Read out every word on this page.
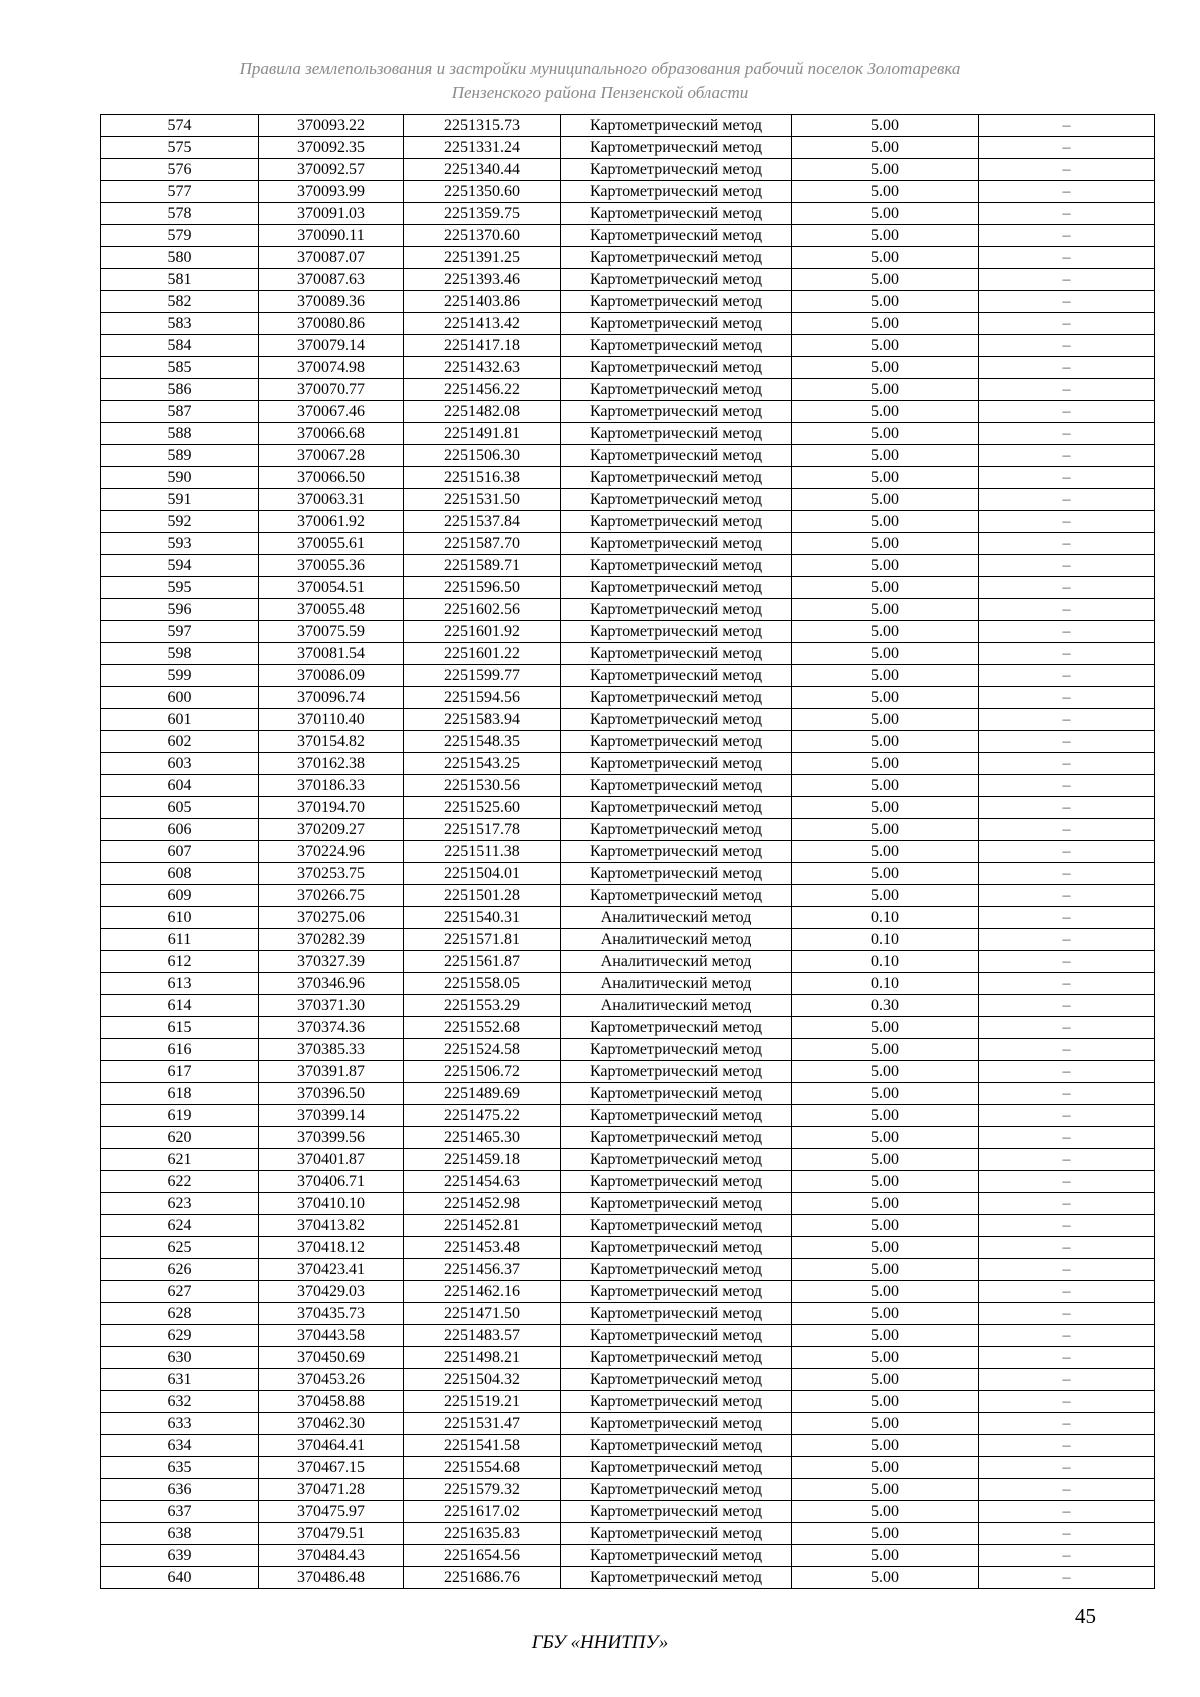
Правила землепользования и застройки муниципального образования рабочий поселок Золотаревка
Пензенского района Пензенской области
574	370093.22	2251315.73	Картометрический метод	5.00	–
575	370092.35	2251331.24	Картометрический метод	5.00	–
576	370092.57	2251340.44	Картометрический метод	5.00	–
577	370093.99	2251350.60	Картометрический метод	5.00	–
578	370091.03	2251359.75	Картометрический метод	5.00	–
579	370090.11	2251370.60	Картометрический метод	5.00	–
580	370087.07	2251391.25	Картометрический метод	5.00	–
581	370087.63	2251393.46	Картометрический метод	5.00	–
582	370089.36	2251403.86	Картометрический метод	5.00	–
583	370080.86	2251413.42	Картометрический метод	5.00	–
584	370079.14	2251417.18	Картометрический метод	5.00	–
585	370074.98	2251432.63	Картометрический метод	5.00	–
586	370070.77	2251456.22	Картометрический метод	5.00	–
587	370067.46	2251482.08	Картометрический метод	5.00	–
588	370066.68	2251491.81	Картометрический метод	5.00	–
589	370067.28	2251506.30	Картометрический метод	5.00	–
590	370066.50	2251516.38	Картометрический метод	5.00	–
591	370063.31	2251531.50	Картометрический метод	5.00	–
592	370061.92	2251537.84	Картометрический метод	5.00	–
593	370055.61	2251587.70	Картометрический метод	5.00	–
594	370055.36	2251589.71	Картометрический метод	5.00	–
595	370054.51	2251596.50	Картометрический метод	5.00	–
596	370055.48	2251602.56	Картометрический метод	5.00	–
597	370075.59	2251601.92	Картометрический метод	5.00	–
598	370081.54	2251601.22	Картометрический метод	5.00	–
599	370086.09	2251599.77	Картометрический метод	5.00	–
600	370096.74	2251594.56	Картометрический метод	5.00	–
601	370110.40	2251583.94	Картометрический метод	5.00	–
602	370154.82	2251548.35	Картометрический метод	5.00	–
603	370162.38	2251543.25	Картометрический метод	5.00	–
604	370186.33	2251530.56	Картометрический метод	5.00	–
605	370194.70	2251525.60	Картометрический метод	5.00	–
606	370209.27	2251517.78	Картометрический метод	5.00	–
607	370224.96	2251511.38	Картометрический метод	5.00	–
608	370253.75	2251504.01	Картометрический метод	5.00	–
609	370266.75	2251501.28	Картометрический метод	5.00	–
610	370275.06	2251540.31	Аналитический метод	0.10	–
611	370282.39	2251571.81	Аналитический метод	0.10	–
612	370327.39	2251561.87	Аналитический метод	0.10	–
613	370346.96	2251558.05	Аналитический метод	0.10	–
614	370371.30	2251553.29	Аналитический метод	0.30	–
615	370374.36	2251552.68	Картометрический метод	5.00	–
616	370385.33	2251524.58	Картометрический метод	5.00	–
617	370391.87	2251506.72	Картометрический метод	5.00	–
618	370396.50	2251489.69	Картометрический метод	5.00	–
619	370399.14	2251475.22	Картометрический метод	5.00	–
620	370399.56	2251465.30	Картометрический метод	5.00	–
621	370401.87	2251459.18	Картометрический метод	5.00	–
622	370406.71	2251454.63	Картометрический метод	5.00	–
623	370410.10	2251452.98	Картометрический метод	5.00	–
624	370413.82	2251452.81	Картометрический метод	5.00	–
625	370418.12	2251453.48	Картометрический метод	5.00	–
626	370423.41	2251456.37	Картометрический метод	5.00	–
627	370429.03	2251462.16	Картометрический метод	5.00	–
628	370435.73	2251471.50	Картометрический метод	5.00	–
629	370443.58	2251483.57	Картометрический метод	5.00	–
630	370450.69	2251498.21	Картометрический метод	5.00	–
631	370453.26	2251504.32	Картометрический метод	5.00	–
632	370458.88	2251519.21	Картометрический метод	5.00	–
633	370462.30	2251531.47	Картометрический метод	5.00	–
634	370464.41	2251541.58	Картометрический метод	5.00	–
635	370467.15	2251554.68	Картометрический метод	5.00	–
636	370471.28	2251579.32	Картометрический метод	5.00	–
637	370475.97	2251617.02	Картометрический метод	5.00	–
638	370479.51	2251635.83	Картометрический метод	5.00	–
639	370484.43	2251654.56	Картометрический метод	5.00	–
640	370486.48	2251686.76	Картометрический метод	5.00	–
45
ГБУ «ННИТПУ»
